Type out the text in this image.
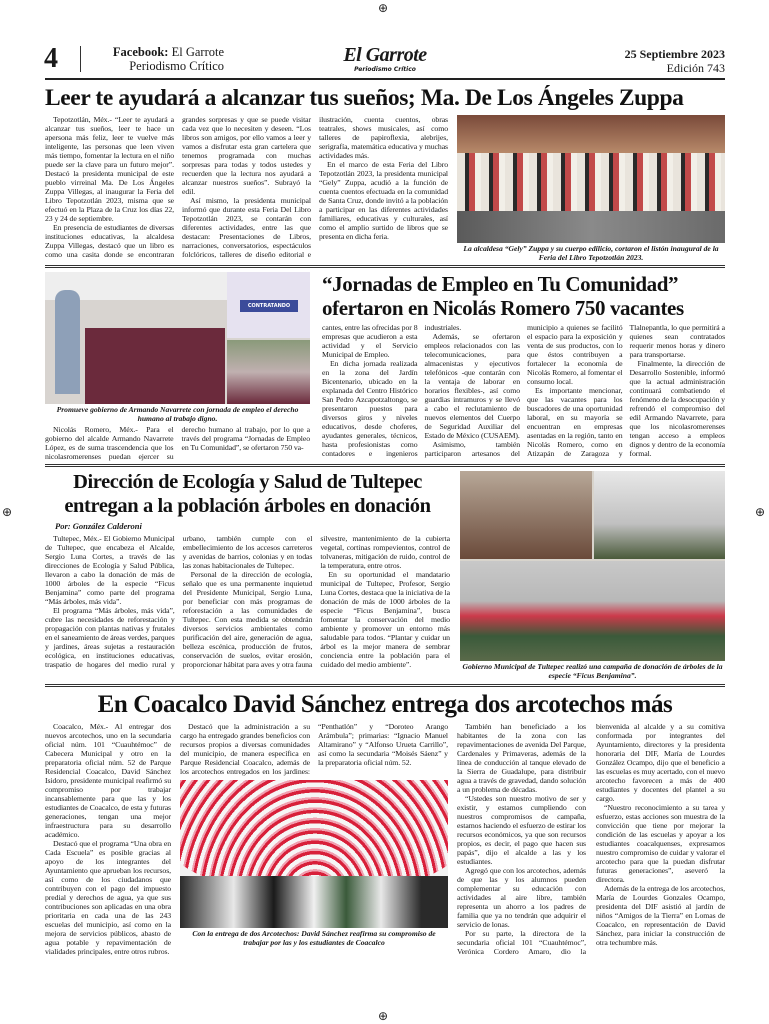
⊕
⊕	⊕
⊕
4	Facebook: El Garrote
Periodismo Crítico	El Garrote
Periodismo Crítico
25 Septiembre 2023
Edición 743
Leer te ayudará a alcanzar tus sueños; Ma. De Los Ángeles Zuppa

Tepotzotlán, Méx.- “Leer te ayudará a alcanzar tus sueños, leer te hace un apersona más feliz, leer te vuelve más inteligente, las personas que leen viven más tiempo, fomentar la lectura en el niño puede ser la clave para un futuro mejor”. Destacó la presidenta municipal de este pueblo virreinal Ma. De Los Ángeles Zuppa Villegas, al inaugurar la Feria del Libro Tepotzotlán 2023, misma que se efectuó en la Plaza de la Cruz los días 22, 23 y 24 de septiembre.

En presencia de estudiantes de diversas instituciones educativas, la alcaldesa Zuppa Villegas, destacó que un libro es como una casita donde se encontraran grandes sorpresas y que se puede visitar cada vez que lo necesiten y deseen. “Los libros son amigos, por ello vamos a leer y vamos a disfrutar esta gran cartelera que tenemos programada con muchas sorpresas para todas y todos ustedes y recuerden que la lectura nos ayudará a alcanzar nuestros sueños”. Subrayó la edil.

Así mismo, la presidenta municipal informó que durante esta Feria Del Libro Tepotzotlán 2023, se contarán con diferentes actividades, entre las que destacan: Presentaciones de Libros, narraciones, conversatorios, espectáculos folclóricos, talleres de diseño editorial e ilustración, cuenta cuentos, obras teatrales, shows musicales, así como talleres de papiroflexia, alebrijes, serigrafía, matemática educativa y muchas actividades más.

En el marco de esta Feria del Libro Tepotzotlán 2023, la presidenta municipal “Gely” Zuppa, acudió a la función de cuenta cuentos efectuada en la comunidad de Santa Cruz, donde invitó a la población a participar en las diferentes actividades familiares, educativas y culturales, así como el amplio surtido de libros que se presenta en dicha feria.

La alcaldesa “Gely” Zuppa y su cuerpo edilicio, cortaron el listón inaugural de la Feria del Libro Tepotzotlán 2023.
CONTRATANDO
Promueve gobierno de Armando Navarrete con jornada de empleo el derecho humano al trabajo digno.

Nicolás Romero, Méx.- Para el gobierno del alcalde Armando Navarrete López, es de suma trascendencia que los nicolasromerenses puedan ejercer su derecho humano al trabajo, por lo que a través del programa “Jornadas de Empleo en Tu Comunidad”, se ofertaron 750 va-

“Jornadas de Empleo en Tu Comunidad”
ofertaron en Nicolás Romero 750 vacantes

cantes, entre las ofrecidas por 8 empresas que acudieron a esta actividad y el Servicio Municipal de Empleo.

En dicha jornada realizada en la zona del Jardín Bicentenario, ubicado en la explanada del Centro Histórico San Pedro Azcapotzaltongo, se presentaron puestos para diversos giros y niveles educativos, desde choferes, ayudantes generales, técnicos, hasta profesionistas como contadores e ingenieros industriales.

Además, se ofertaron empleos relacionados con las telecomunicaciones, para almacenistas y ejecutivos telefónicos -que contarán con la ventaja de laborar en horarios flexibles-, así como guardias intramuros y se llevó a cabo el reclutamiento de nuevos elementos del Cuerpo de Seguridad Auxiliar del Estado de México (CUSAEM).

Asimismo, también participaron artesanos del municipio a quienes se facilitó el espacio para la exposición y venta de sus productos, con lo que éstos contribuyen a fortalecer la economía de Nicolás Romero, al fomentar el consumo local.

Es importante mencionar, que las vacantes para los buscadores de una oportunidad laboral, en su mayoría se encuentran en empresas asentadas en la región, tanto en Nicolás Romero, como en Atizapán de Zaragoza y Tlalnepantla, lo que permitirá a quienes sean contratados requerir menos horas y dinero para transportarse.

Finalmente, la dirección de Desarrollo Sostenible, informó que la actual administración continuará combatiendo el fenómeno de la desocupación y refrendó el compromiso del edil Armando Navarrete, para que los nicolasromerenses tengan acceso a empleos dignos y dentro de la economía formal.

Dirección de Ecología y Salud de Tultepec
entregan a la población árboles en donación
Por: González Calderoni

Tultepec, Méx.- El Gobierno Municipal de Tultepec, que encabeza el Alcalde, Sergio Luna Cortes, a través de las direcciones de Ecología y Salud Pública, llevaron a cabo la donación de más de 1000 árboles de la especie “Ficus Benjamina” como parte del programa “Más árboles, más vida”.

El programa “Más árboles, más vida”, cubre las necesidades de reforestación y propagación con plantas nativas y frutales en el saneamiento de áreas verdes, parques y jardines, áreas sujetas a restauración ecológica, en instituciones educativas, traspatio de hogares del medio rural y urbano, también cumple con el embellecimiento de los accesos carreteros y avenidas de barrios, colonias y en todas las zonas habitacionales de Tultepec.

Personal de la dirección de ecología, señalo que es una permanente inquietud del Presidente Municipal, Sergio Luna, por beneficiar con más programas de reforestación a las comunidades de Tultepec. Con esta medida se obtendrán diversos servicios ambientales como purificación del aire, generación de agua, belleza escénica, producción de frutos, conservación de suelos, evitar erosión, proporcionar hábitat para aves y otra fauna silvestre, mantenimiento de la cubierta vegetal, cortinas rompevientos, control de tolvaneras, mitigación de ruido, control de la temperatura, entre otros.

En su oportunidad el mandatario municipal de Tultepec, Profesor, Sergio Luna Cortes, destaca que la iniciativa de la donación de más de 1000 árboles de la especie “Ficus Benjamina”, busca fomentar la conservación del medio ambiente y promover un entorno más saludable para todos. “Plantar y cuidar un árbol es la mejor manera de sembrar conciencia entre la población para el cuidado del medio ambiente”.	Gobierno Municipal de Tultepec realizó una campaña de donación de árboles de la especie “Ficus Benjamina”.
En Coacalco David Sánchez entrega dos arcotechos más

Coacalco, Méx.- Al entregar dos nuevos arcotechos, uno en la secundaria oficial núm. 101 “Cuauhtémoc” de Cabecera Municipal y otro en la preparatoria oficial núm. 52 de Parque Residencial Coacalco, David Sánchez Isidoro, presidente municipal reafirmó su compromiso por trabajar incansablemente para que las y los estudiantes de Coacalco, de esta y futuras generaciones, tengan una mejor infraestructura para su desarrollo académico.

Destacó que el programa “Una obra en Cada Escuela” es posible gracias al apoyo de los integrantes del Ayuntamiento que aprueban los recursos, así como de los ciudadanos que contribuyen con el pago del impuesto predial y derechos de agua, ya que sus contribuciones son aplicadas en una obra prioritaria en cada una de las 243 escuelas del municipio, así como en la mejora de servicios públicos, abasto de agua potable y repavimentación de vialidades principales, entre otros rubros.

Destacó que la administración a su cargo ha entregado grandes beneficios con recursos propios a diversas comunidades del municipio, de manera específica en Parque Residencial Coacalco, además de los arcotechos entregados en los jardines: “Penthatlón” y “Doroteo Arango Arámbula”; primarias: “Ignacio Manuel Altamirano” y “Alfonso Urueta Carrillo”, así como la secundaria “Moisés Sáenz” y la preparatoria oficial núm. 52.

Con la entrega de dos Arcotechos: David Sánchez reafirma su compromiso de trabajar por las y los estudiantes de Coacalco

También han beneficiado a los habitantes de la zona con las repavimentaciones de avenida Del Parque, Cardenales y Primaveras, además de la línea de conducción al tanque elevado de la Sierra de Guadalupe, para distribuir agua a través de gravedad, dando solución a un problema de décadas.

“Ustedes son nuestro motivo de ser y existir, y estamos cumpliendo con nuestros compromisos de campaña, estamos haciendo el esfuerzo de estirar los recursos económicos, ya que son recursos propios, es decir, el pago que hacen sus papás”, dijo el alcalde a las y los estudiantes.

Agregó que con los arcotechos, además de que las y los alumnos pueden complementar su educación con actividades al aire libre, también representa un ahorro a los padres de familia que ya no tendrán que adquirir el servicio de lonas.

Por su parte, la directora de la secundaria oficial 101 “Cuauhtémoc”, Verónica Cordero Amaro, dio la bienvenida al alcalde y a su comitiva conformada por integrantes del Ayuntamiento, directores y la presidenta honoraria del DIF, María de Lourdes González Ocampo, dijo que el beneficio a las escuelas es muy acertado, con el nuevo arcotecho favorecen a más de 400 estudiantes y docentes del plantel a su cargo.

“Nuestro reconocimiento a su tarea y esfuerzo, estas acciones son muestra de la convicción que tiene por mejorar la condición de las escuelas y apoyar a los estudiantes coacalquenses, expresamos nuestro compromiso de cuidar y valorar el arcotecho para que la puedan disfrutar futuras generaciones”, aseveró la directora.

Además de la entrega de los arcotechos, María de Lourdes Gonzales Ocampo, presidenta del DIF asistió al jardín de niños “Amigos de la Tierra” en Lomas de Coacalco, en representación de David Sánchez, para iniciar la construcción de otra techumbre más.
